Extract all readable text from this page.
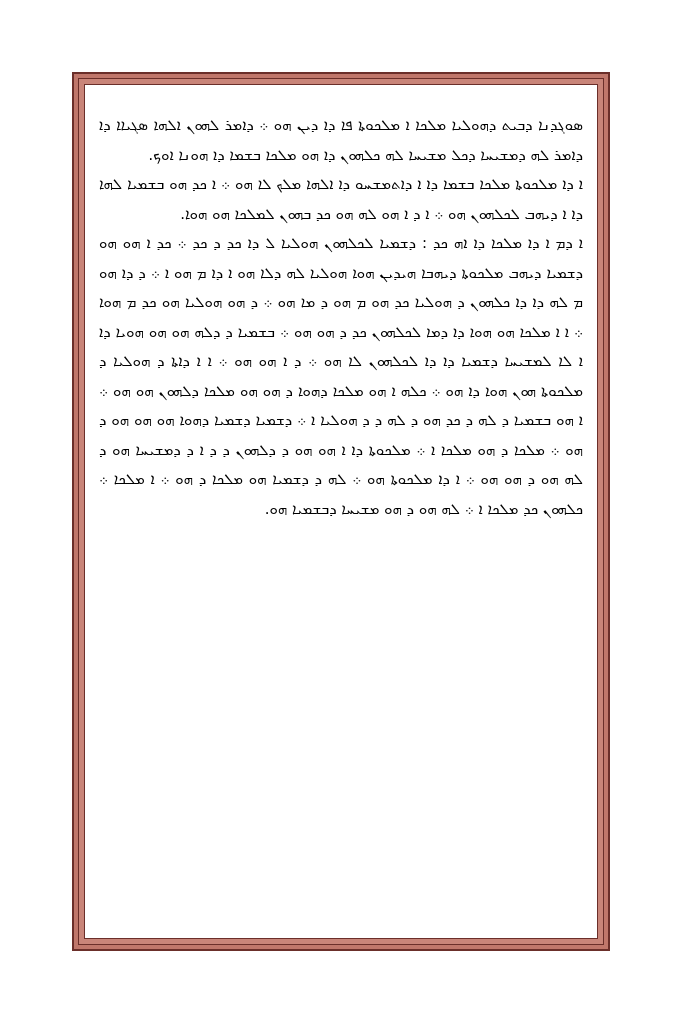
ܣܘܓܕܢܐ ܕܒܝܬ ܕܗܘܠܝܐ ܡܠܟܐ ܐ ܡܠܟܘܬܐ ܦܐ ܕܐ ܕܝܢ ܗܘ ܀ ܕܐܡܪ ܠܗܘܢ ܐܠܗܐ ܣܓܝܐܐ ܕܐ ܕܐܡܪ ܠܗ ܕܡܫܝܚܐ ܕܟܠ ܡܫܝܚܐ ܠܗ ܟܠܗܘܢ ܕܐ ܗܘ ܡܠܟܐ ܒܫܡܐ ܕܐ ܗܘܢܐ ܐܘܟ.

ܐ ܕܐ ܡܠܟܘܬܐ ܡܠܟܐ ܒܫܡܐ ܕܐ ܐ ܕܐܬܡܫܚܘ ܕܐ ܐܠܗܐ ܡܠܟ ܠܐ ܗܘ ܀ ܐ ܟܕ ܗܘ ܒܫܡܝܐ ܠܗܐ ܕܐ ܐ ܕܝܗܒ ܠܟܠܗܘܢ ܗܘ ܀ ܐ ܕ ܐ ܗܘ ܠܗ ܗܘ ܟܕ ܒܗܘܢ ܠܡܠܟܐ ܗܘ ܗܘܐ.

ܐ ܕܡ ܐ ܕܐ ܡܠܟܐ ܕܐ ܐܗ ܟܕ : ܕܫܡܝܐ ܠܟܠܗܘܢ ܗܘܠܝܐ ܠ ܕܐ ܟܕ ܕ ܟܕ ܀ ܟܕ ܐ ܗܘ ܗܘ ܕܫܡܝܐ ܕܝܗܒ ܡܠܟܘܬܐ ܕܝܗܒܐ ܗܝܕܝܢ ܗܘܐ ܗܘܠܝܐ ܠܗ ܕܠܐ ܗܘ ܐ ܕܐ ܡ ܗܘ ܐ ܀ ܕ ܕܐ ܗܘ ܡ ܠܗ ܕܐ ܕܐ ܟܠܗܘܢ ܕ ܗܘܠܝܐ ܟܕ ܗܘ ܡ ܗܘ ܕ ܡܐ ܗܘ ܀ ܕ ܗܘ ܗܘܠܝܐ ܗܘ ܟܕ ܡ ܗܘܐ ܀ ܐ ܐ ܡܠܟܐ ܗܘ ܗܘܐ ܕܐ ܕܡܐ ܠܟܠܗܘܢ ܟܕ ܕ ܗܘ ܗܘ ܀ ܒܫܡܝܐ ܕ ܕܠܗ ܗܘ ܗܘ ܗܘܝܐ ܕܐ ܐ ܠܐ ܠܡܫܝܚܐ ܕܫܡܝܐ ܕܐ ܕܐ ܠܟܠܗܘܢ ܠܐ ܗܘ ܀ ܕ ܐ ܗܘ ܗܘ ܀ ܐ ܐ ܕܐܬܐ ܕ ܗܘܠܝܐ ܕ ܡܠܟܘܬܐ ܗܘܢ ܗܘܐ ܕܐ ܗܘ ܀ ܟܠܗ ܐ ܗܘ ܡܠܟܐ ܕܗܘܐ ܕ ܗܘ ܗܘ ܡܠܟܐ ܕܠܗܘܢ ܗܘ ܗܘ ܀ ܐ ܗܘ ܒܫܡܝܐ ܕ ܠܗ ܕ ܟܕ ܗܘ ܕ ܠܗ ܕ ܕ ܗܘܠܝܐ ܐ ܀ ܕܫܡܝܐ ܕܫܡܝܐ ܕܗܘܐ ܗܘ ܗܘ ܗܘ ܕ ܗܘ ܀ ܡܠܟܐ ܕ ܗܘ ܡܠܟܐ ܐ ܀ ܡܠܟܘܬܐ ܕܐ ܐ ܗܘ ܗܘ ܕ ܕܠܗܘܢ ܕ ܕ ܐ ܕ ܕܡܫܝܚܐ ܗܘ ܕ ܠܗ ܗܘ ܕ ܗܘ ܗܘ ܀ ܐ ܕܐ ܡܠܟܘܬܐ ܗܘ ܀ ܠܗ ܕ ܕܫܡܝܐ ܗܘ ܡܠܟܐ ܕ ܗܘ ܀ ܐ ܡܠܟܐ ܀ ܟܠܗܘܢ ܟܕ ܡܠܟܐ ܐ ܀ ܠܗ ܗܘ ܕ ܗܘ ܡܫܝܚܐ ܕܒܫܡܝܐ ܗܘ.
